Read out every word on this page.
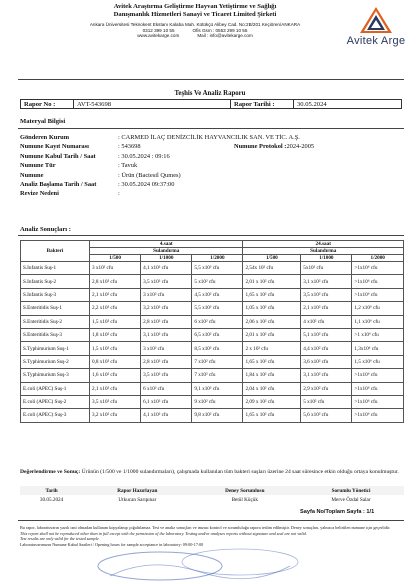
Avitek Araştırma Geliştirme Hayvan Yetiştirme ve Sağlığı
Danışmanlık Hizmetleri Sanayi ve Ticaret Limited Şirketi
Ankara Üniversitesi Teknokent Ekstanı Kalaba Mah. Kütükçü Alibey Cad. No:2B/201 Keçiören/ANKARA
0312 399 10 55	Ofis Gsm : 0553 299 10 55
www.avitekarge.com	Mail : info@avitekarge.com	Avitek Arge
Teşhis Ve Analiz Raporu
Rapor No :	AVT-543698	Rapor Tarihi :	30.05.2024
Materyal Bilgisi
Gönderen Kurum	: CARMED İLAÇ DENİZCİLİK HAYVANCILIK SAN. VE TİC. A.Ş.
Numune Kayıt Numarası	: 543698	Numune Protokol :2024-2005
Numune Kabul Tarih / Saat	: 30.05.2024 : 09:16
Numune Tür	: Tavuk
Numune	: Ürün (Bactesil Qumes)
Analiz Başlama Tarih / Saat	: 30.05.2024 09:37:00
Revize Nedeni	:
Analiz Sonuçları :
Bakteri	4.saat			24.saat		
	Sulandırma			Sulandırma		
	1/500	1/1000	1/2000	1/500	1/1000	1/2000
S.Infantis Suş-1	3 x10² cfu	4,1 x10² cfu	5,5 x10² cfu	2,54x 10² cfu	5x10² cfu	>1x10⁶ cfu
S.Infantis Suş-2	2,8 x10² cfu	3,5 x10² cfu	5 x10² cfu	2,01 x 10² cfu	3,1 x10² cfu	>1x10⁶ cfu
S.Infantis Suş-3	2,1 x10² cfu	3 x10² cfu	4,5 x10² cfu	1,65 x 10² cfu	3,5 x10² cfu	>1x10⁶ cfu
S.Enteritidis Suş-1	2,2 x10² cfu	3,2 x10² cfu	5,5 x10² cfu	1,05 x 10² cfu	2,1 x10² cfu	1,2 x10⁶ cfu
S.Enteritidis Suş-2	1,5 x10² cfu	2,8 x10² cfu	6 x10² cfu	2,06 x 10² cfu	4 x10² cfu	1,1 x10⁶ cfu
S.Enteritidis Suş-3	1,8 x10² cfu	3,1 x10² cfu	6,5 x10² cfu	2,01 x 10² cfu	5,1 x10² cfu	>1 x10⁶ cfu
S.Typhimurium Suş-1	1,5 x10² cfu	3 x10² cfu	8,5 x10² cfu	2 x 10² cfu	4,4 x10² cfu	1,3x10⁶ cfu
S.Typhimurium Suş-2	0,8 x10² cfu	2,8 x10² cfu	7 x10² cfu	1,65 x 10² cfu	3,6 x10² cfu	1,5 x10⁶ cfu
S.Typhimurium Suş-3	1,6 x10² cfu	3,5 x10² cfu	7 x10² cfu	1,84 x 10² cfu	3,1 x10² cfu	>1x10⁶ cfu
E.coli (APEC) Suş-1	2,1 x10² cfu	6 x10² cfu	9,1 x10² cfu	2,04 x 10² cfu	2,9 x10² cfu	>1x10⁶ cfu
E.coli (APEC) Suş-2	3,5 x10² cfu	6,1 x10² cfu	9 x10² cfu	2,09 x 10² cfu	5 x10² cfu	>1x10⁶ cfu
E.coli (APEC) Suş-3	3,2 x10² cfu	4,1 x10² cfu	9,8 x10² cfu	1,65 x 10² cfu	5,6 x10² cfu	>1x10⁶ cfu
Değerlendirme ve Sonuç: Ürünün (1/500 ve 1/1000 sulandırmaları), çalışmada kullanılan tüm bakteri suşları üzerine 24 saat süresince etkin olduğu ortaya konulmuştur.
Tarih	Rapor Hazırlayan	Deney Sorumlusu	Sorumlu Yönetici
30.05.2024	Utkucan Sarıpınar	Betül Küçük	Merve Özdal Salar
Sayfa No/Toplam Sayfa : 1/1
Bu rapor, laboratuvarın yazılı izni olmadan kullanım kopyalanıp çoğaltılamaz. Test ve analiz sonuçları ve imzası kontrol ve sorumluluğu rapora teslim edilmiştir. Deney sonuçları, yalnızca belirtilen numune için geçerlidir.
This report shall not be reproduced other than in full except with the permission of the laboratory. Testing and/or analyses reports without signature and seal are not valid.
Test results are only valid for the tested sample.
Laboratuvarımızın Numune Kabul Saatleri / Opening hours for sample acceptance in laboratory: 09:00-17:00
